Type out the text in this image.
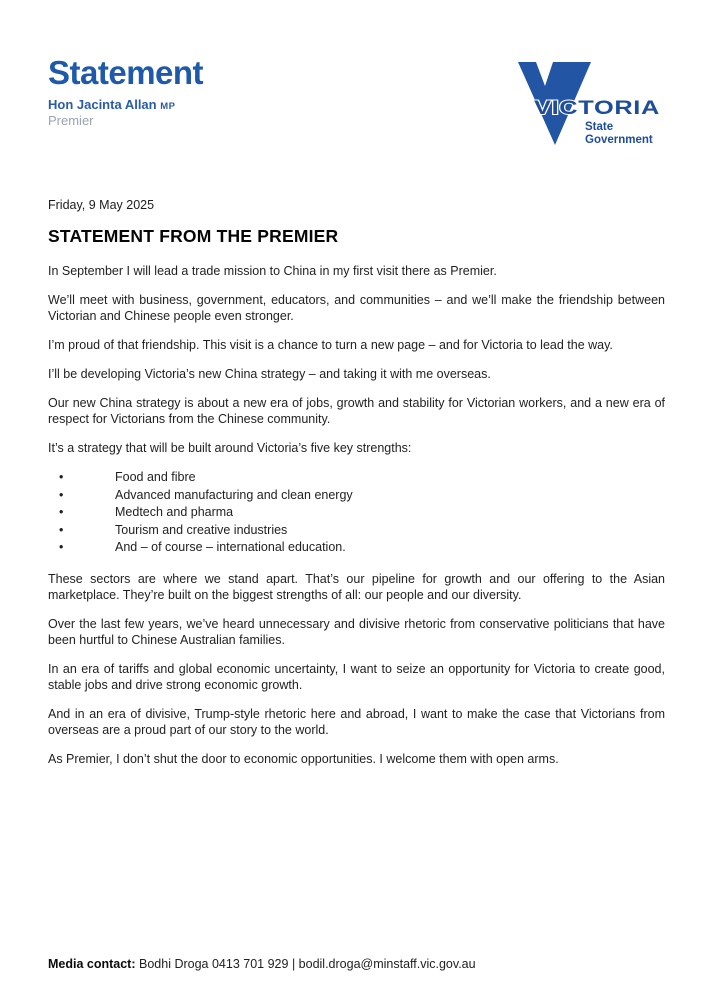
Statement
Hon Jacinta Allan MP
Premier
VICTORIA
State
Government

Friday, 9 May 2025

STATEMENT FROM THE PREMIER

In September I will lead a trade mission to China in my first visit there as Premier.

We’ll meet with business, government, educators, and communities – and we’ll make the friendship between Victorian and Chinese people even stronger.

I’m proud of that friendship. This visit is a chance to turn a new page – and for Victoria to lead the way.

I’ll be developing Victoria’s new China strategy – and taking it with me overseas.

Our new China strategy is about a new era of jobs, growth and stability for Victorian workers, and a new era of respect for Victorians from the Chinese community.

It’s a strategy that will be built around Victoria’s five key strengths:

• Food and fibre
• Advanced manufacturing and clean energy
• Medtech and pharma
• Tourism and creative industries
• And – of course – international education.

These sectors are where we stand apart. That’s our pipeline for growth and our offering to the Asian marketplace. They’re built on the biggest strengths of all: our people and our diversity.

Over the last few years, we’ve heard unnecessary and divisive rhetoric from conservative politicians that have been hurtful to Chinese Australian families.

In an era of tariffs and global economic uncertainty, I want to seize an opportunity for Victoria to create good, stable jobs and drive strong economic growth.

And in an era of divisive, Trump-style rhetoric here and abroad, I want to make the case that Victorians from overseas are a proud part of our story to the world.

As Premier, I don’t shut the door to economic opportunities. I welcome them with open arms.

Media contact: Bodhi Droga 0413 701 929 | bodil.droga@minstaff.vic.gov.au
